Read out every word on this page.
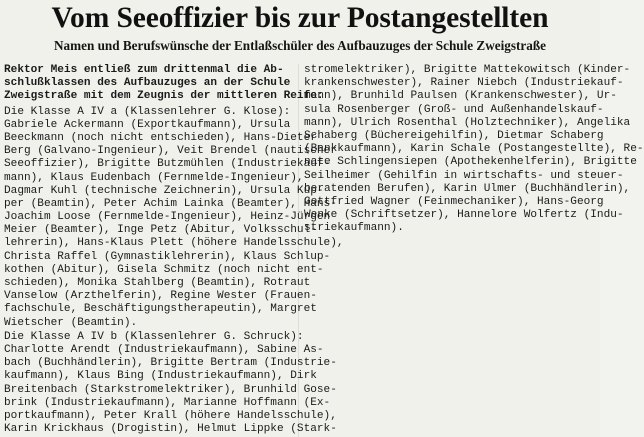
Vom Seeoffizier bis zur Postangestellten
Namen und Berufswünsche der Entlaßschüler des Aufbauzuges der Schule Zweigstraße
Rektor Meis entließ zum drittenmal die Ab-
schlußklassen des Aufbauzuges an der Schule
Zweigstraße mit dem Zeugnis der mittleren Reife:
Die Klasse A IV a (Klassenlehrer G. Klose):
Gabriele Ackermann (Exportkaufmann), Ursula
Beeckmann (noch nicht entschieden), Hans-Dieter
Berg (Galvano-Ingenieur), Veit Brendel (nautischer
Seeoffizier), Brigitte Butzmühlen (Industriekauf-
mann), Klaus Eudenbach (Fernmelde-Ingenieur),
Dagmar Kuhl (technische Zeichnerin), Ursula Küp-
per (Beamtin), Peter Achim Lainka (Beamter), Hans-
Joachim Loose (Fernmelde-Ingenieur), Heinz-Jürgen
Meier (Beamter), Inge Petz (Abitur, Volksschul-
lehrerin), Hans-Klaus Plett (höhere Handelsschule),
Christa Raffel (Gymnastiklehrerin), Klaus Schlup-
kothen (Abitur), Gisela Schmitz (noch nicht ent-
schieden), Monika Stahlberg (Beamtin), Rotraut
Vanselow (Arzthelferin), Regine Wester (Frauen-
fachschule, Beschäftigungstherapeutin), Margret
Wietscher (Beamtin).
Die Klasse A IV b (Klassenlehrer G. Schruck):
Charlotte Arendt (Industriekaufmann), Sabine As-
bach (Buchhändlerin), Brigitte Bertram (Industrie-
kaufmann), Klaus Bing (Industriekaufmann), Dirk
Breitenbach (Starkstromelektriker), Brunhild Gose-
brink (Industriekaufmann), Marianne Hoffmann (Ex-
portkaufmann), Peter Krall (höhere Handelsschule),
Karin Krickhaus (Drogistin), Helmut Lippke (Stark-
stromelektriker), Brigitte Mattekowitsch (Kinder-
krankenschwester), Rainer Niebch (Industriekauf-
mann), Brunhild Paulsen (Krankenschwester), Ur-
sula Rosenberger (Groß- und Außenhandelskauf-
mann), Ulrich Rosenthal (Holztechniker), Angelika
Schaberg (Büchereigehilfin), Dietmar Schaberg
(Bankkaufmann), Karin Schale (Postangestellte), Re-
nate Schlingensiepen (Apothekenhelferin), Brigitte
Seilheimer (Gehilfin in wirtschafts- und steuer-
beratenden Berufen), Karin Ulmer (Buchhändlerin),
Gottfried Wagner (Feinmechaniker), Hans-Georg
Wenke (Schriftsetzer), Hannelore Wolfertz (Indu-
striekaufmann).
